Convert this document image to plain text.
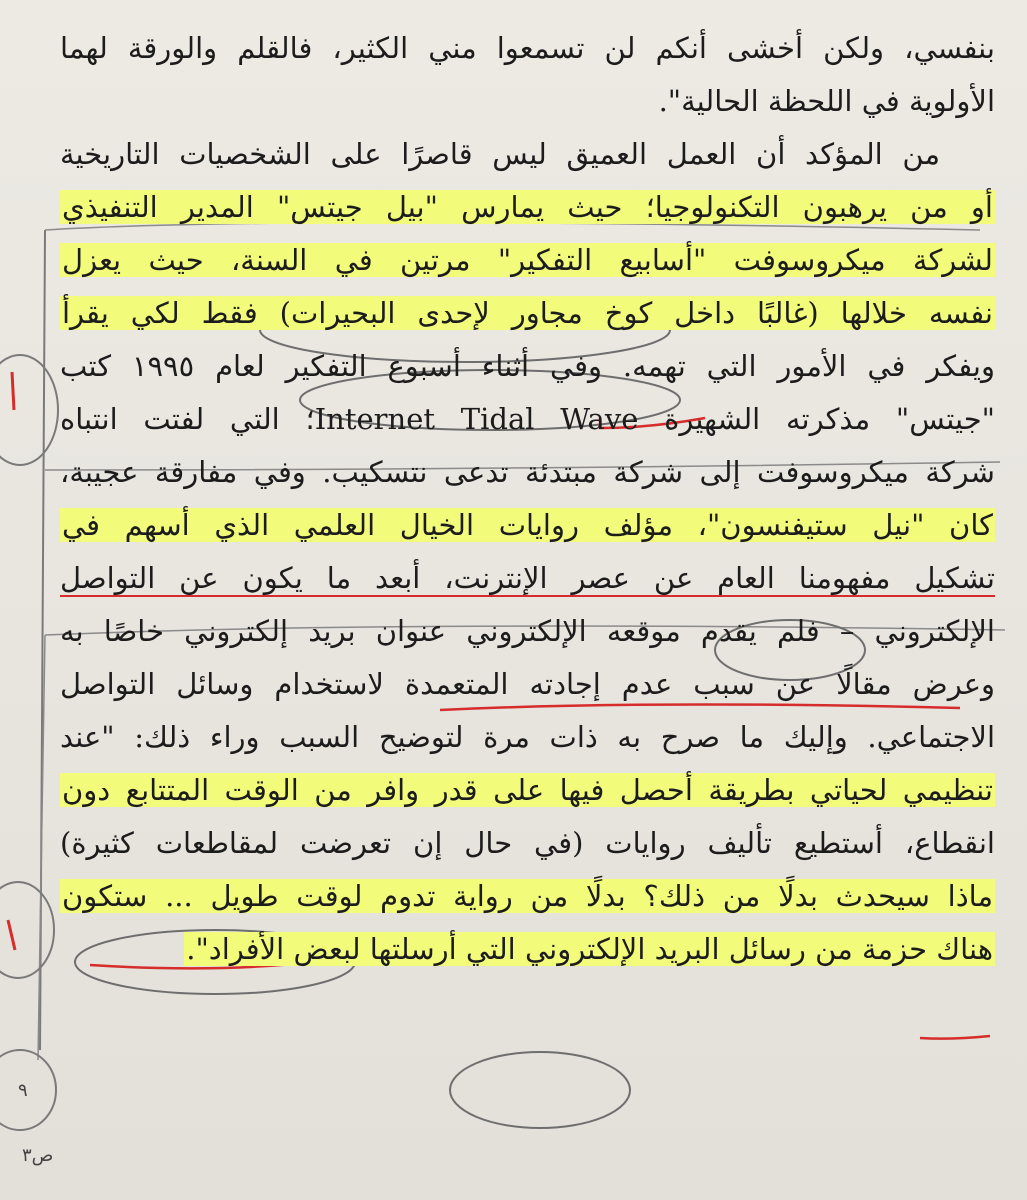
٩
ص٣
بنفسي، ولكن أخشى أنكم لن تسمعوا مني الكثير، فالقلم والورقة لهما
الأولوية في اللحظة الحالية".
من المؤكد أن العمل العميق ليس قاصرًا على الشخصيات التاريخية
أو من يرهبون التكنولوجيا؛ حيث يمارس "بيل جيتس" المدير التنفيذي
لشركة ميكروسوفت "أسابيع التفكير" مرتين في السنة، حيث يعزل
نفسه خلالها (غالبًا داخل كوخ مجاور لإحدى البحيرات) فقط لكي يقرأ
ويفكر في الأمور التي تهمه. وفي أثناء أسبوع التفكير لعام ١٩٩٥ كتب
"جيتس" مذكرته الشهيرة Internet Tidal Wave؛ التي لفتت انتباه
شركة ميكروسوفت إلى شركة مبتدئة تدعى نتسكيب. وفي مفارقة عجيبة،
كان "نيل ستيفنسون"، مؤلف روايات الخيال العلمي الذي أسهم في
تشكيل مفهومنا العام عن عصر الإنترنت، أبعد ما يكون عن التواصل
الإلكتروني – فلم يقدم موقعه الإلكتروني عنوان بريد إلكتروني خاصًا به
وعرض مقالًا عن سبب عدم إجادته المتعمدة لاستخدام وسائل التواصل
الاجتماعي. وإليك ما صرح به ذات مرة لتوضيح السبب وراء ذلك: "عند
تنظيمي لحياتي بطريقة أحصل فيها على قدر وافر من الوقت المتتابع دون
انقطاع، أستطيع تأليف روايات (في حال إن تعرضت لمقاطعات كثيرة)
ماذا سيحدث بدلًا من ذلك؟ بدلًا من رواية تدوم لوقت طويل ... ستكون
هناك حزمة من رسائل البريد الإلكتروني التي أرسلتها لبعض الأفراد".
